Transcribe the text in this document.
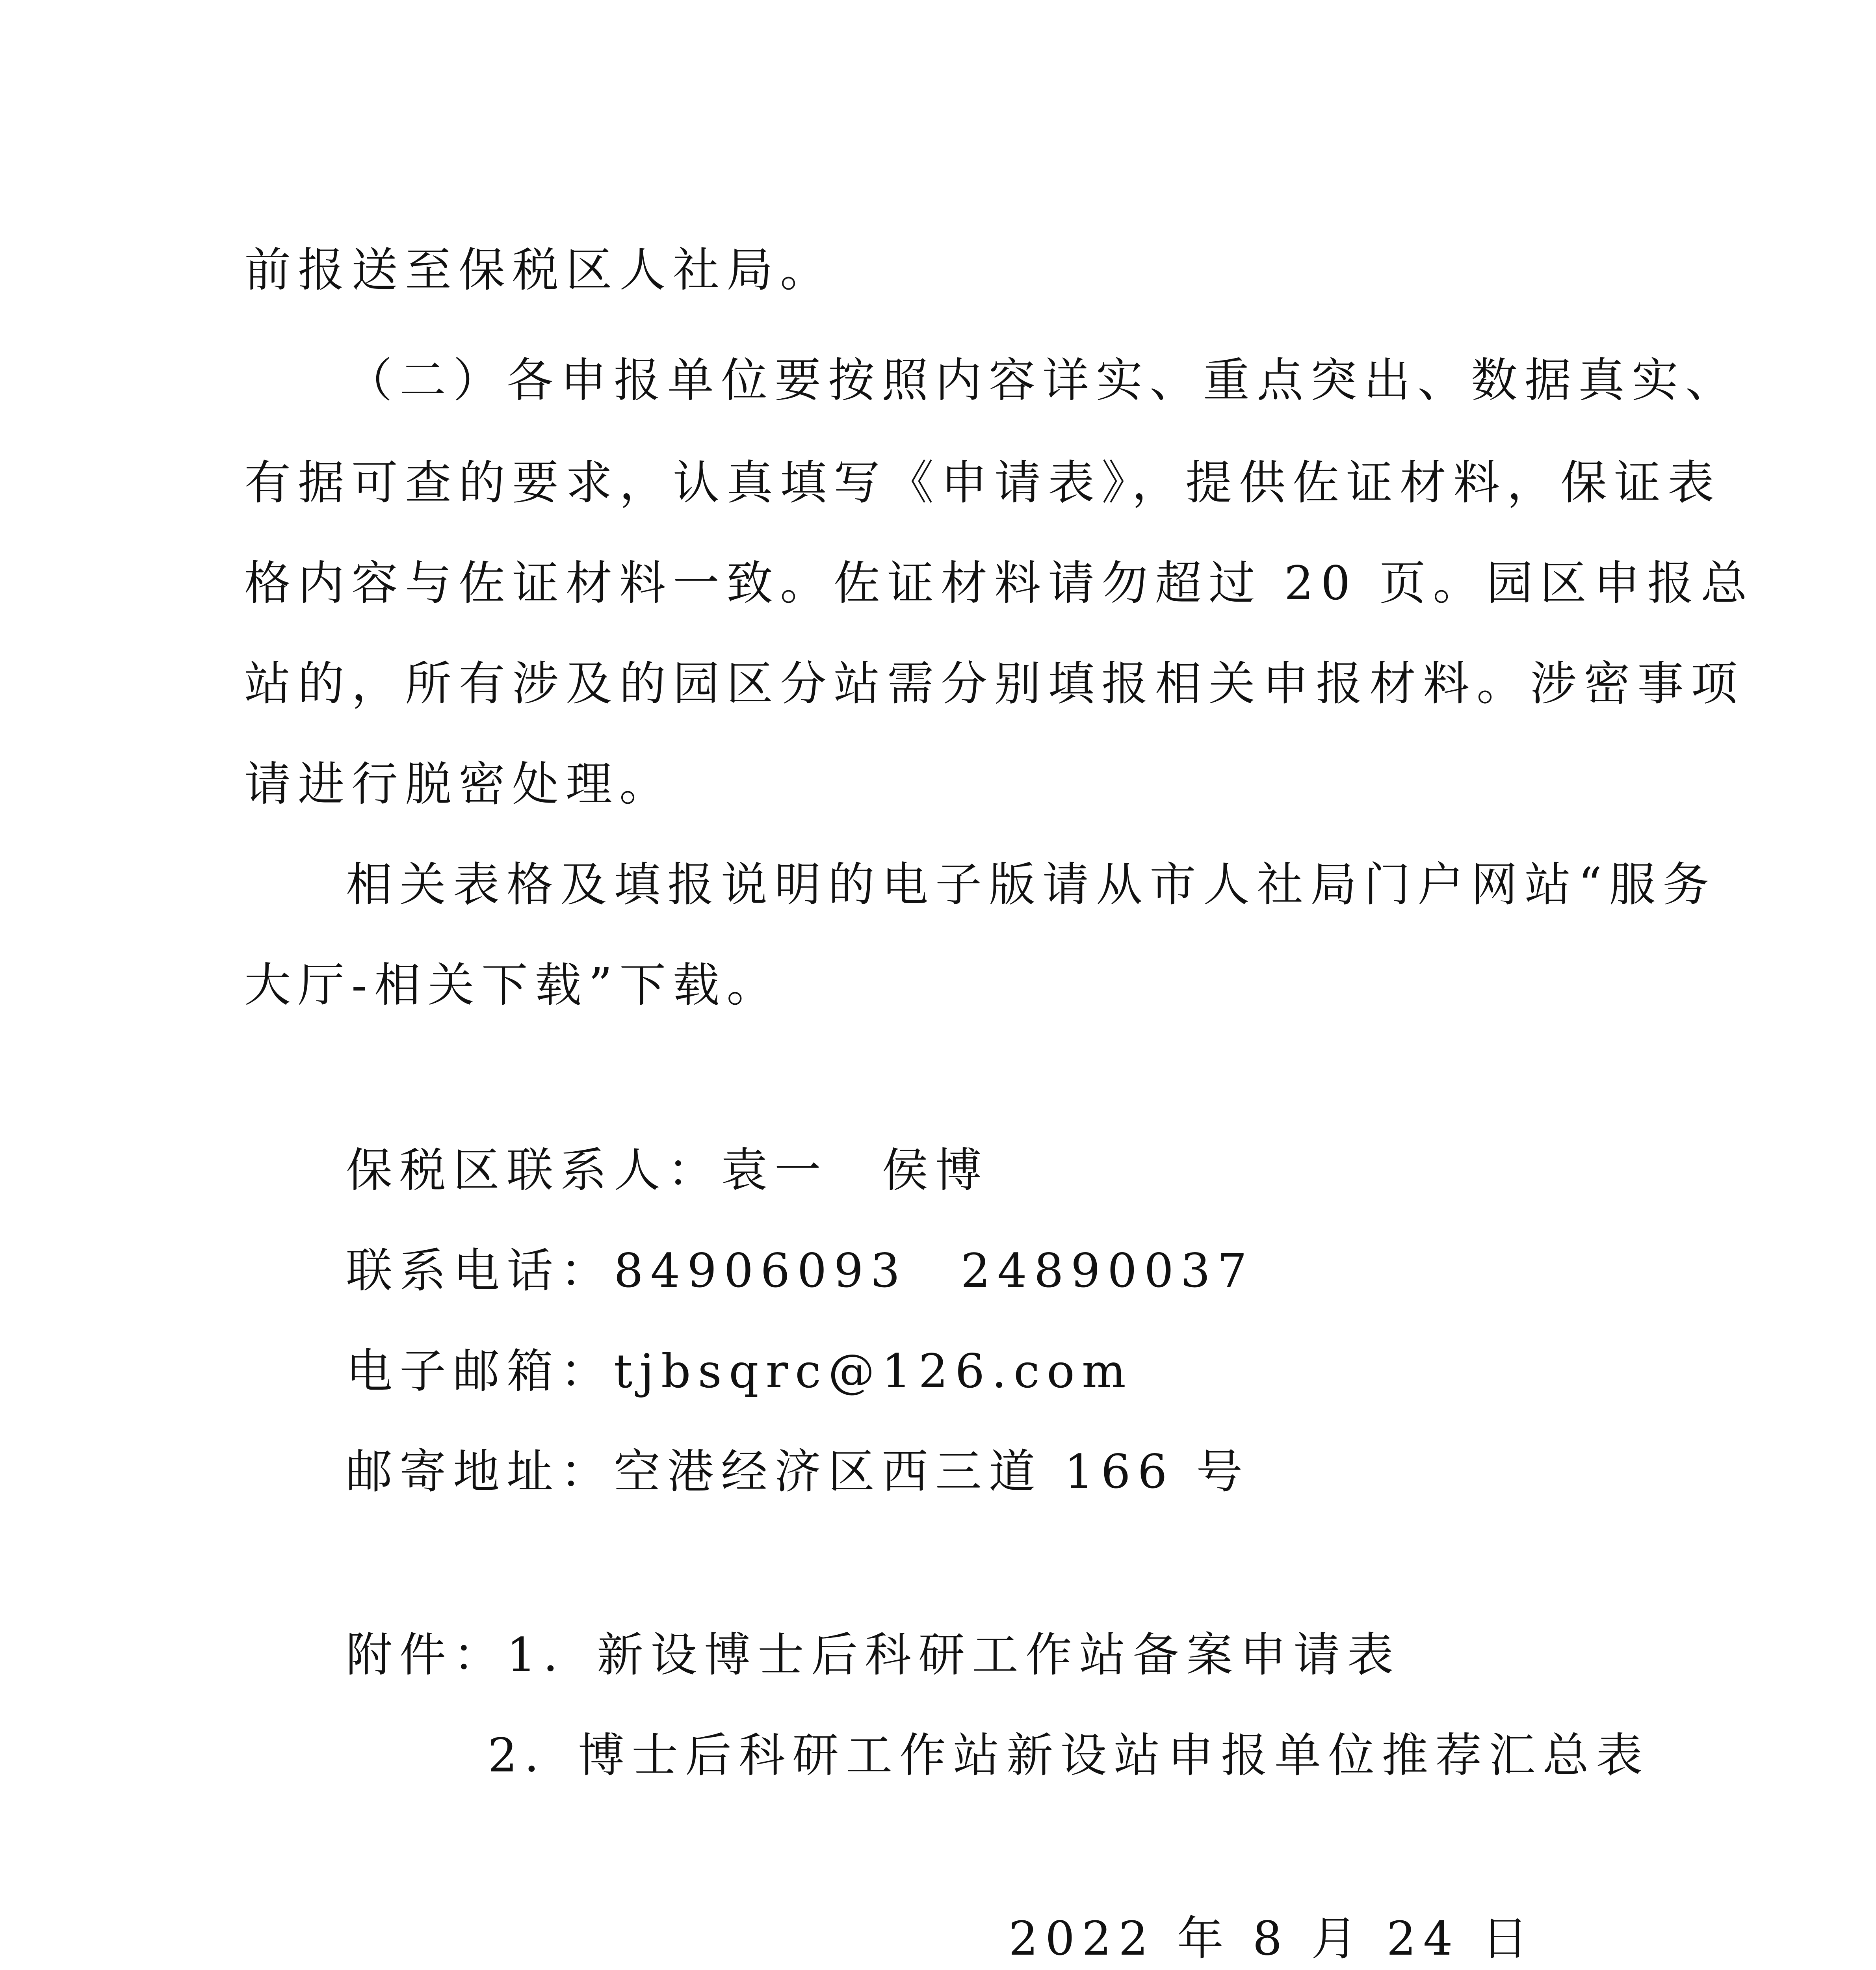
前报送至保税区人社局。
（二）各申报单位要按照内容详实、重点突出、数据真实、
有据可查的要求，认真填写《申请表》，提供佐证材料，保证表
格内容与佐证材料一致。佐证材料请勿超过 20 页。园区申报总
站的，所有涉及的园区分站需分别填报相关申报材料。涉密事项
请进行脱密处理。
相关表格及填报说明的电子版请从市人社局门户网站“服务
大厅-相关下载”下载。
保税区联系人：袁一　侯博
联系电话：84906093　24890037
电子邮箱：tjbsqrc@126.com
邮寄地址：空港经济区西三道 166 号
附件：1．新设博士后科研工作站备案申请表
2．博士后科研工作站新设站申报单位推荐汇总表
2022 年 8 月 24 日
